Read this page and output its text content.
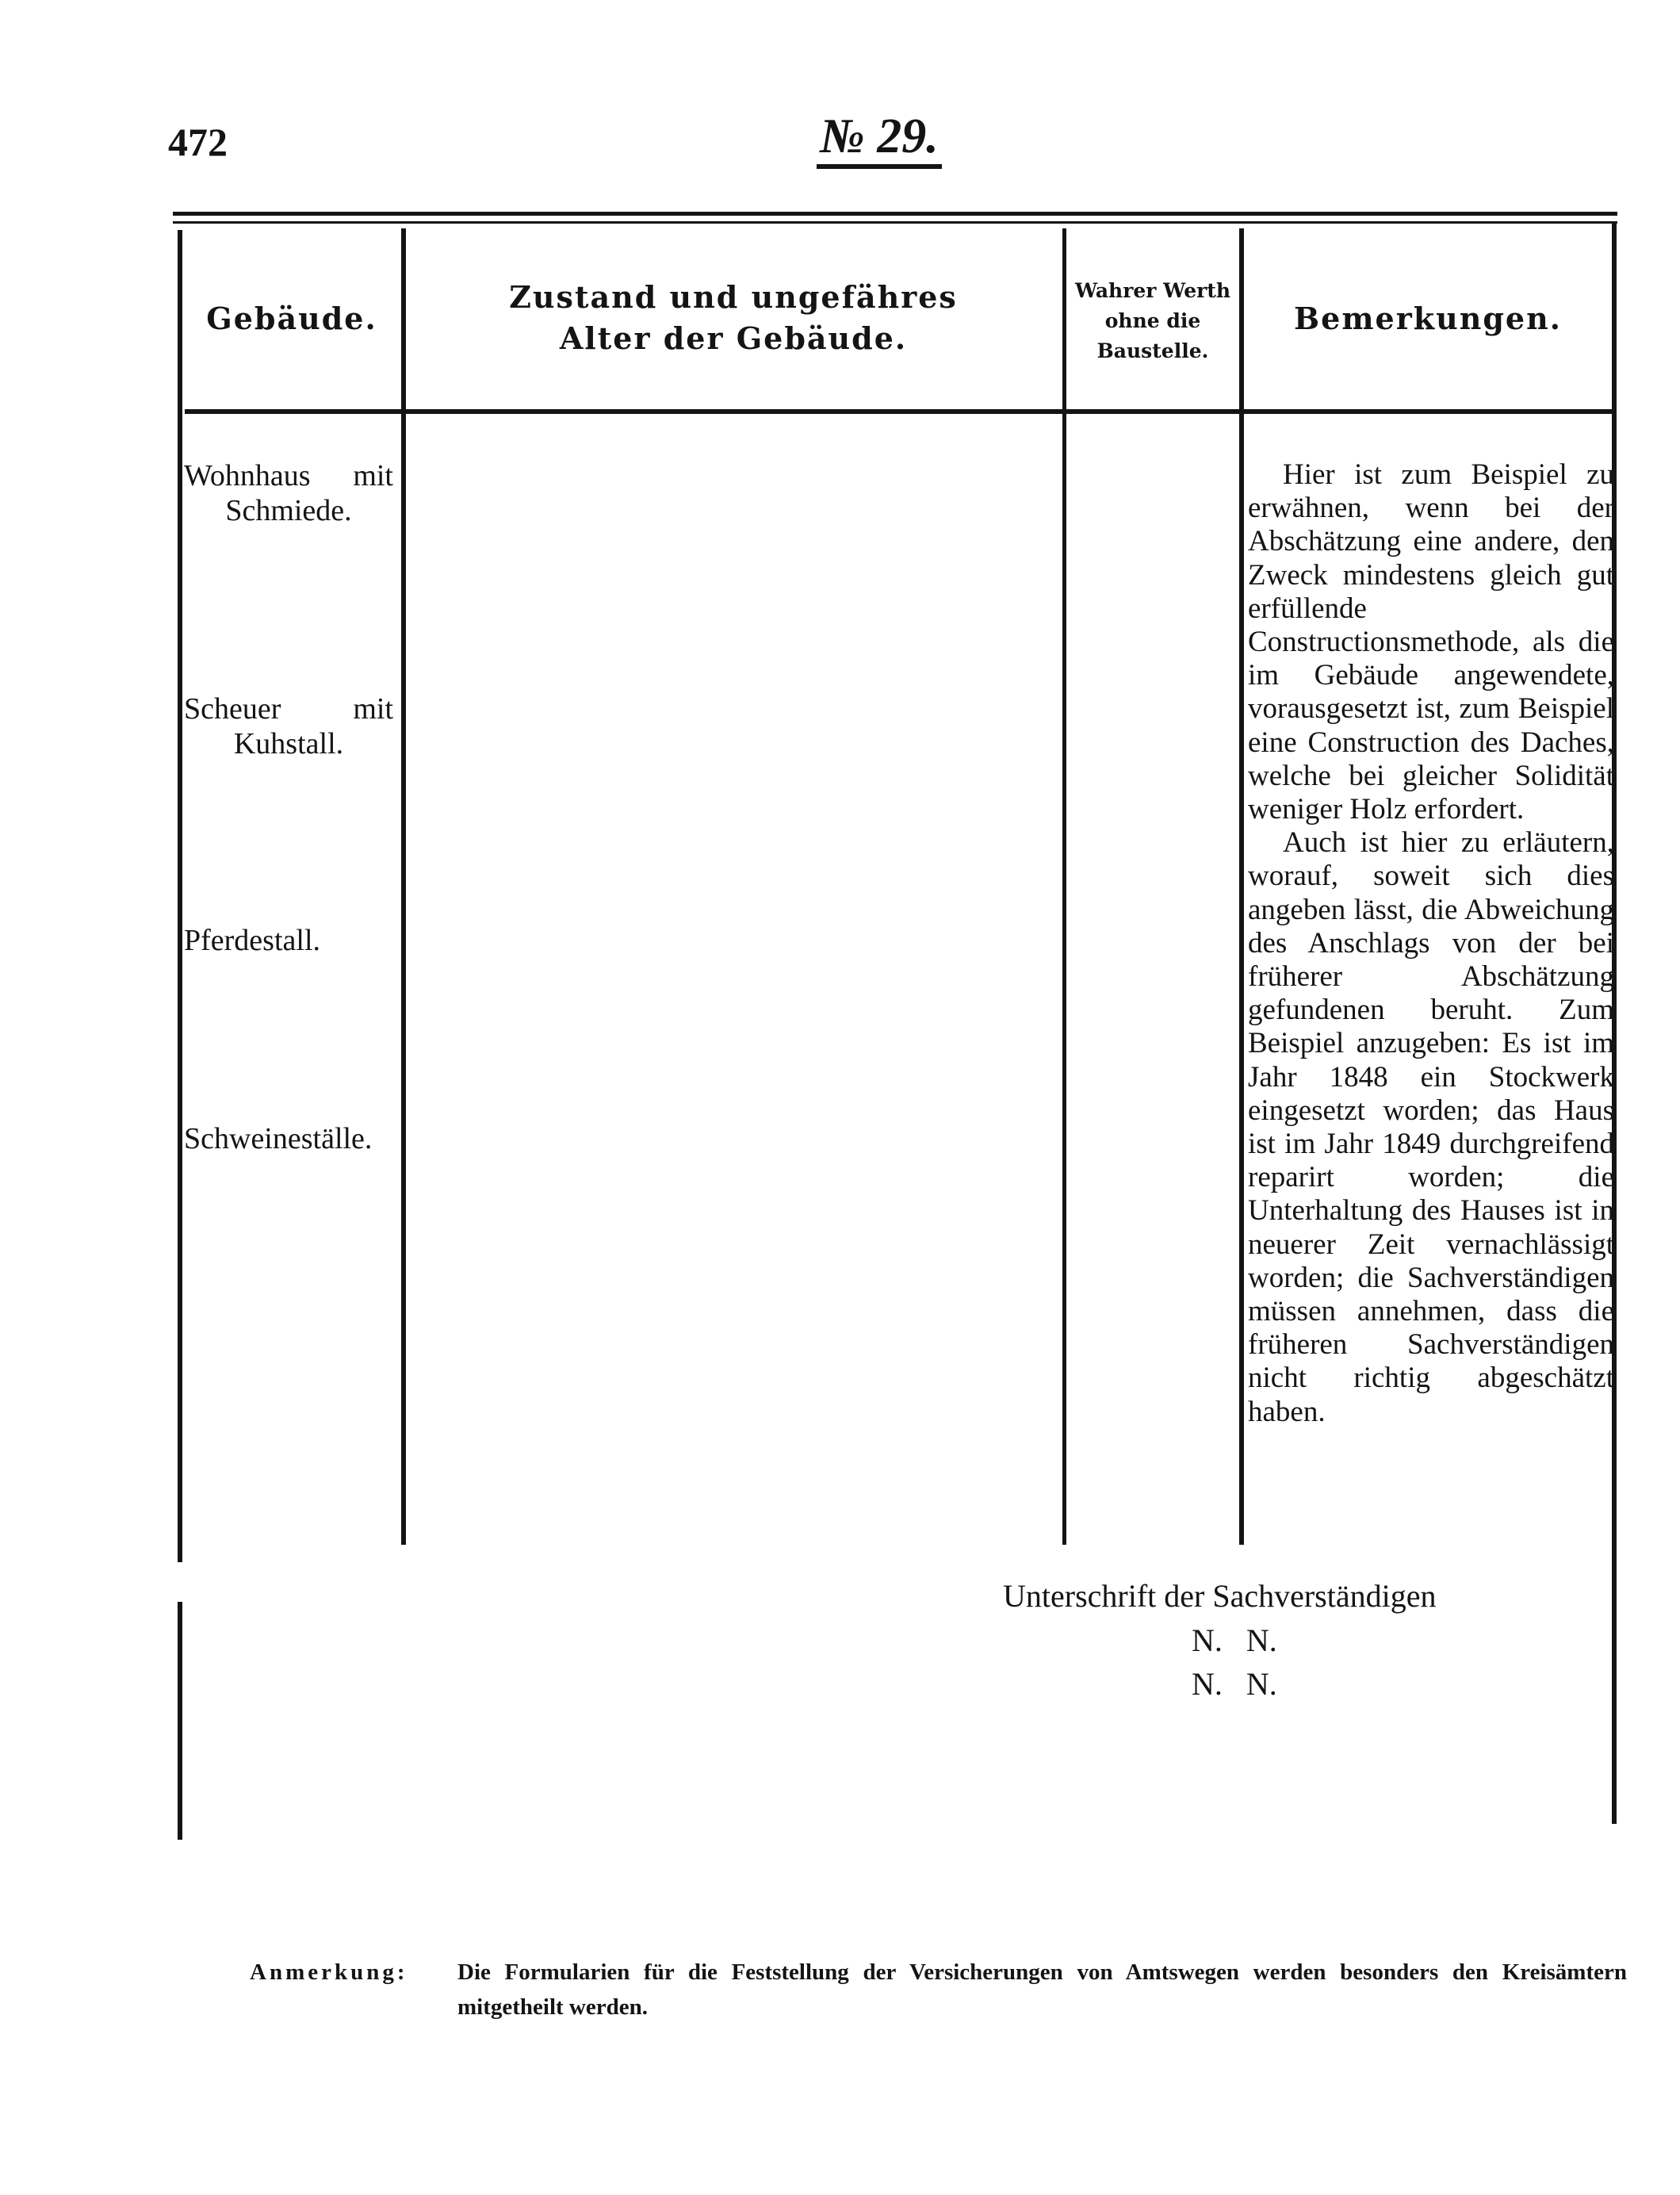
472	№ 29.
Gebäude.
Zustand und ungefähres Alter der Gebäude.
Wahrer Werth ohne die Baustelle.
Bemerkungen.
Wohnhaus mit Schmiede.
Scheuer mit Kuhstall.
Pferdestall.
Schweineställe.

Hier ist zum Beispiel zu erwähnen, wenn bei der Abschätzung eine andere, den Zweck mindestens gleich gut erfüllende Constructionsmethode, als die im Gebäude angewendete, vorausgesetzt ist, zum Beispiel eine Construction des Daches, welche bei gleicher Solidität weniger Holz erfordert.

Auch ist hier zu erläutern, worauf, soweit sich dies angeben lässt, die Abweichung des Anschlags von der bei früherer Abschätzung gefundenen beruht. Zum Beispiel anzugeben: Es ist im Jahr 1848 ein Stockwerk eingesetzt worden; das Haus ist im Jahr 1849 durchgreifend reparirt worden; die Unterhaltung des Hauses ist in neuerer Zeit vernachlässigt worden; die Sachverständigen müssen annehmen, dass die früheren Sachverständigen nicht richtig abgeschätzt haben.

Unterschrift der Sachverständigen
N.   N.
N.   N.
Anmerkung: Die Formularien für die Feststellung der Versicherungen von Amtswegen werden besonders den Kreisämtern mitgetheilt werden.
